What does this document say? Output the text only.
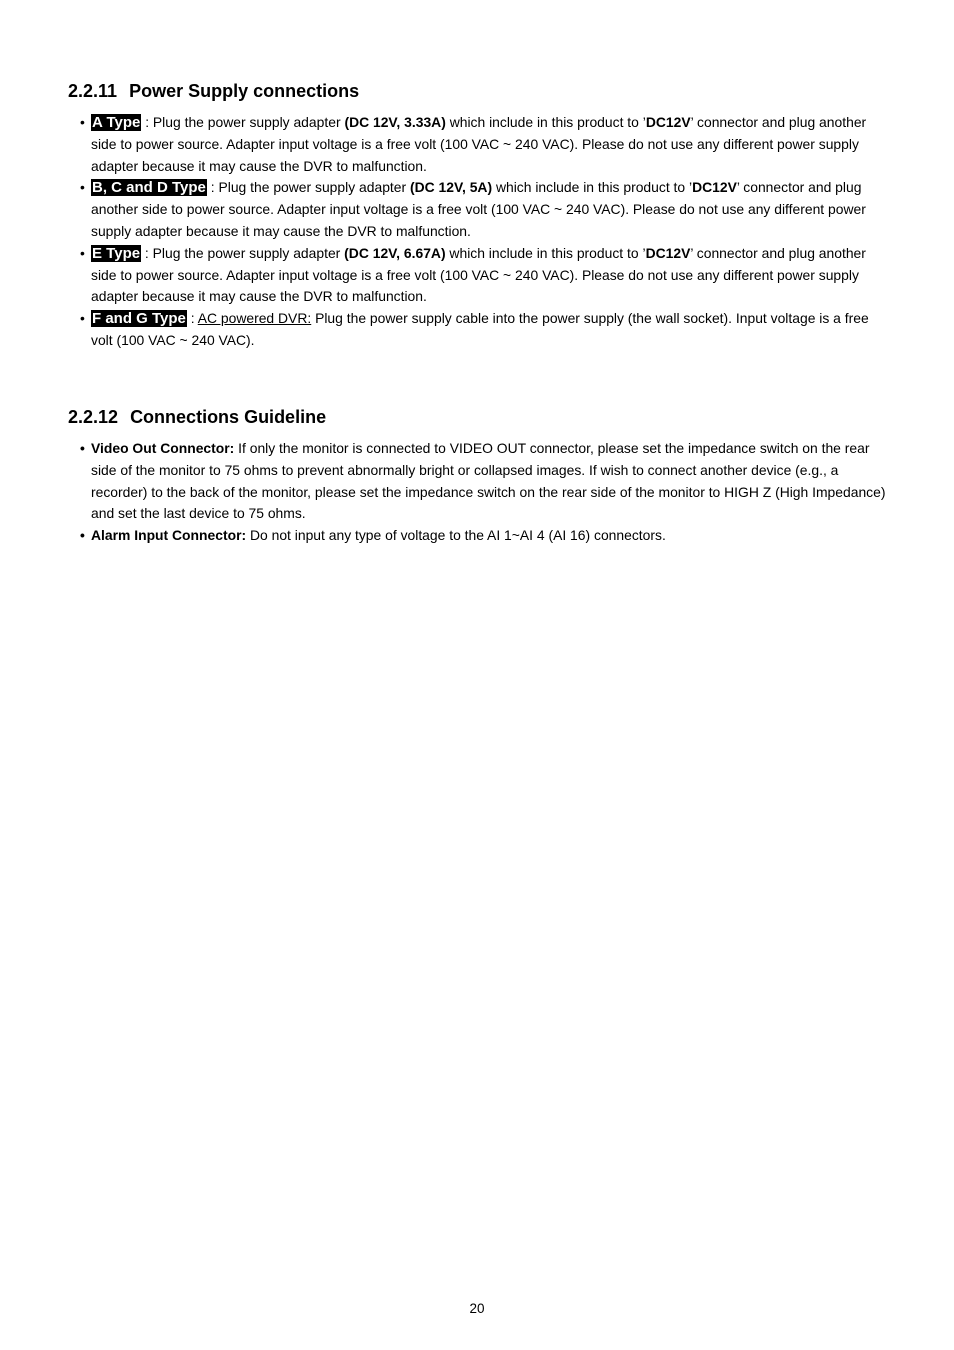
2.2.11 Power Supply connections
• A Type : Plug the power supply adapter (DC 12V, 3.33A) which include in this product to ’DC12V’ connector and plug another side to power source. Adapter input voltage is a free volt (100 VAC ~ 240 VAC). Please do not use any different power supply adapter because it may cause the DVR to malfunction.
• B, C and D Type : Plug the power supply adapter (DC 12V, 5A) which include in this product to ’DC12V’ connector and plug another side to power source. Adapter input voltage is a free volt (100 VAC ~ 240 VAC). Please do not use any different power supply adapter because it may cause the DVR to malfunction.
• E Type : Plug the power supply adapter (DC 12V, 6.67A) which include in this product to ’DC12V’ connector and plug another side to power source. Adapter input voltage is a free volt (100 VAC ~ 240 VAC). Please do not use any different power supply adapter because it may cause the DVR to malfunction.
• F and G Type : AC powered DVR: Plug the power supply cable into the power supply (the wall socket). Input voltage is a free volt (100 VAC ~ 240 VAC).
2.2.12 Connections Guideline
• Video Out Connector: If only the monitor is connected to VIDEO OUT connector, please set the impedance switch on the rear side of the monitor to 75 ohms to prevent abnormally bright or collapsed images. If wish to connect another device (e.g., a recorder) to the back of the monitor, please set the impedance switch on the rear side of the monitor to HIGH Z (High Impedance) and set the last device to 75 ohms.
• Alarm Input Connector: Do not input any type of voltage to the AI 1~AI 4 (AI 16) connectors.
20
